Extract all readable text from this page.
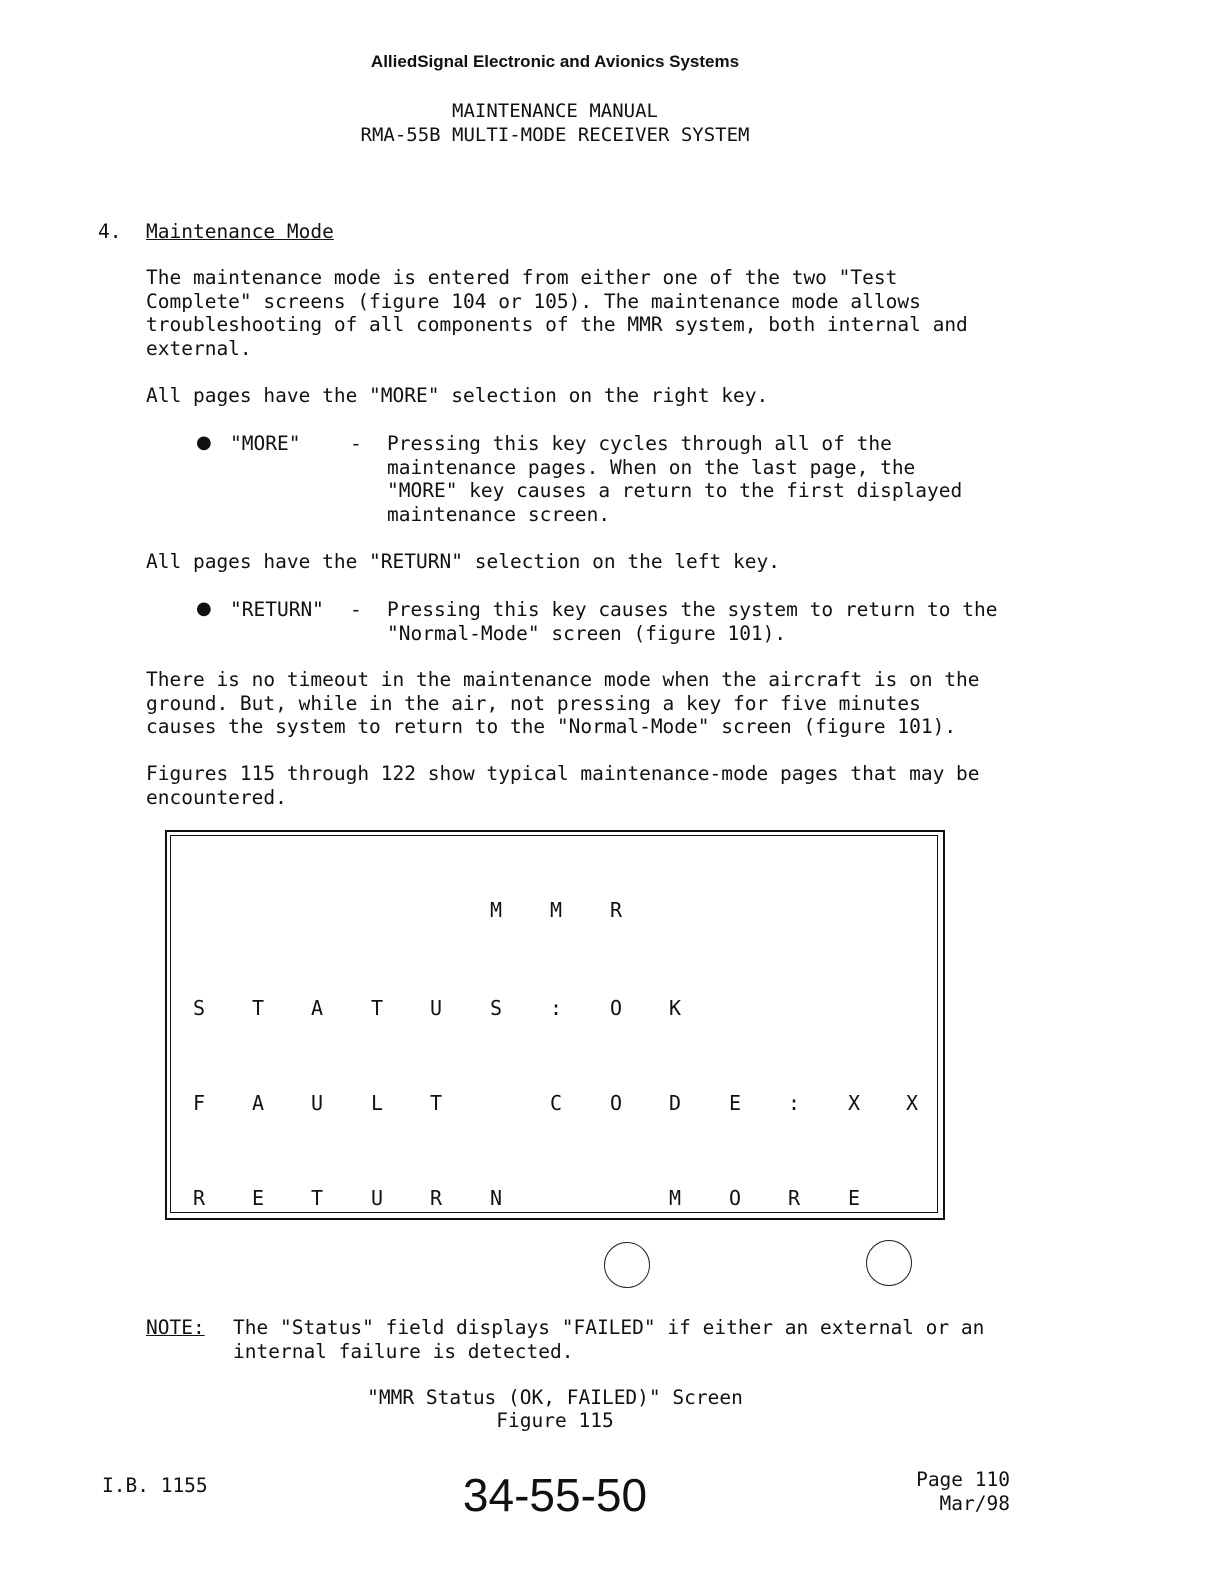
AlliedSignal Electronic and Avionics Systems
MAINTENANCE MANUAL
RMA-55B MULTI-MODE RECEIVER SYSTEM
4. Maintenance Mode
The maintenance mode is entered from either one of the two "Test
Complete" screens (figure 104 or 105). The maintenance mode allows
troubleshooting of all components of the MMR system, both internal and
external.
All pages have the "MORE" selection on the right key.
● "MORE"	- Pressing this key cycles through all of the
maintenance pages. When on the last page, the
"MORE" key causes a return to the first displayed
maintenance screen.
All pages have the "RETURN" selection on the left key.
● "RETURN" - Pressing this key causes the system to return to the
"Normal-Mode" screen (figure 101).
There is no timeout in the maintenance mode when the aircraft is on the
ground. But, while in the air, not pressing a key for five minutes
causes the system to return to the "Normal-Mode" screen (figure 101).
Figures 115 through 122 show typical maintenance-mode pages that may be
encountered.
M	M	R
S	T	A	T	U	S	:	O	K
F	A	U	L	T	C	O	D	E	:	X	X
R	E	T	U	R	N	M	O	R	E
NOTE: The "Status" field displays "FAILED" if either an external or an
internal failure is detected.
"MMR Status (OK, FAILED)" Screen
Figure 115
I.B. 1155	34-55-50	Page 110
Mar/98
